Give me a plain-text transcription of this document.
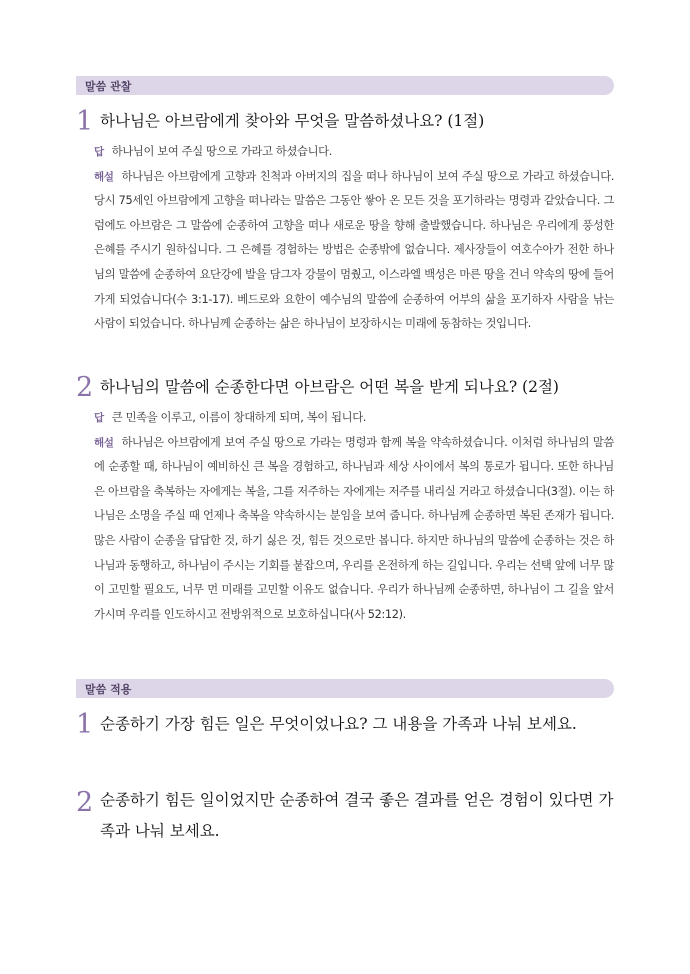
말씀 관찰
1 하나님은 아브람에게 찾아와 무엇을 말씀하셨나요? (1절)
답 하나님이 보여 주실 땅으로 가라고 하셨습니다.
해설 하나님은 아브람에게 고향과 친척과 아버지의 집을 떠나 하나님이 보여 주실 땅으로 가라고 하셨습니다. 당시 75세인 아브람에게 고향을 떠나라는 말씀은 그동안 쌓아 온 모든 것을 포기하라는 명령과 같았습니다. 그럼에도 아브람은 그 말씀에 순종하여 고향을 떠나 새로운 땅을 향해 출발했습니다. 하나님은 우리에게 풍성한 은혜를 주시기 원하십니다. 그 은혜를 경험하는 방법은 순종밖에 없습니다. 제사장들이 여호수아가 전한 하나님의 말씀에 순종하여 요단강에 발을 담그자 강물이 멈췄고, 이스라엘 백성은 마른 땅을 건너 약속의 땅에 들어가게 되었습니다(수 3:1-17). 베드로와 요한이 예수님의 말씀에 순종하여 어부의 삶을 포기하자 사람을 낚는 사람이 되었습니다. 하나님께 순종하는 삶은 하나님이 보장하시는 미래에 동참하는 것입니다.
2 하나님의 말씀에 순종한다면 아브람은 어떤 복을 받게 되나요? (2절)
답 큰 민족을 이루고, 이름이 창대하게 되며, 복이 됩니다.
해설 하나님은 아브람에게 보여 주실 땅으로 가라는 명령과 함께 복을 약속하셨습니다. 이처럼 하나님의 말씀에 순종할 때, 하나님이 예비하신 큰 복을 경험하고, 하나님과 세상 사이에서 복의 통로가 됩니다. 또한 하나님은 아브람을 축복하는 자에게는 복을, 그를 저주하는 자에게는 저주를 내리실 거라고 하셨습니다(3절). 이는 하나님은 소명을 주실 때 언제나 축복을 약속하시는 분임을 보여 줍니다. 하나님께 순종하면 복된 존재가 됩니다. 많은 사람이 순종을 답답한 것, 하기 싫은 것, 힘든 것으로만 봅니다. 하지만 하나님의 말씀에 순종하는 것은 하나님과 동행하고, 하나님이 주시는 기회를 붙잡으며, 우리를 온전하게 하는 길입니다. 우리는 선택 앞에 너무 많이 고민할 필요도, 너무 먼 미래를 고민할 이유도 없습니다. 우리가 하나님께 순종하면, 하나님이 그 길을 앞서 가시며 우리를 인도하시고 전방위적으로 보호하십니다(사 52:12).
말씀 적용
1 순종하기 가장 힘든 일은 무엇이었나요? 그 내용을 가족과 나눠 보세요.
2 순종하기 힘든 일이었지만 순종하여 결국 좋은 결과를 얻은 경험이 있다면 가족과 나눠 보세요.
